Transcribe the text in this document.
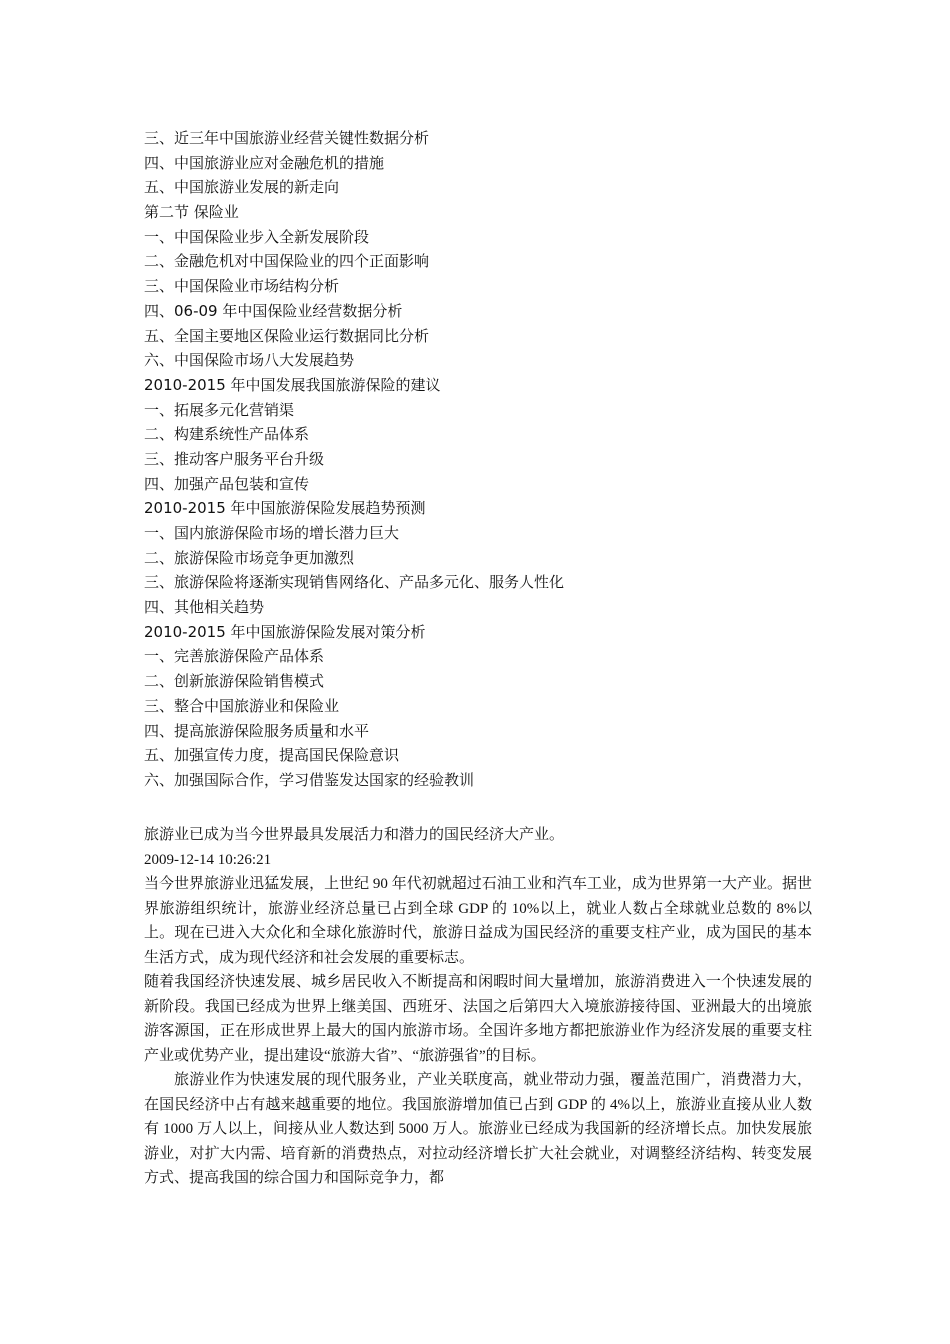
三、近三年中国旅游业经营关键性数据分析
四、中国旅游业应对金融危机的措施
五、中国旅游业发展的新走向
第二节 保险业
一、中国保险业步入全新发展阶段
二、金融危机对中国保险业的四个正面影响
三、中国保险业市场结构分析
四、06-09 年中国保险业经营数据分析
五、全国主要地区保险业运行数据同比分析
六、中国保险市场八大发展趋势
2010-2015 年中国发展我国旅游保险的建议
一、拓展多元化营销渠
二、构建系统性产品体系
三、推动客户服务平台升级
四、加强产品包装和宣传
2010-2015 年中国旅游保险发展趋势预测
一、国内旅游保险市场的增长潜力巨大
二、旅游保险市场竞争更加激烈
三、旅游保险将逐渐实现销售网络化、产品多元化、服务人性化
四、其他相关趋势
2010-2015 年中国旅游保险发展对策分析
一、完善旅游保险产品体系
二、创新旅游保险销售模式
三、整合中国旅游业和保险业
四、提高旅游保险服务质量和水平
五、加强宣传力度，提高国民保险意识
六、加强国际合作，学习借鉴发达国家的经验教训
旅游业已成为当今世界最具发展活力和潜力的国民经济大产业。
2009-12-14 10:26:21

当今世界旅游业迅猛发展，上世纪 90 年代初就超过石油工业和汽车工业，成为世界第一大产业。据世界旅游组织统计，旅游业经济总量已占到全球 GDP 的 10%以上，就业人数占全球就业总数的 8%以上。现在已进入大众化和全球化旅游时代，旅游日益成为国民经济的重要支柱产业，成为国民的基本生活方式，成为现代经济和社会发展的重要标志。

随着我国经济快速发展、城乡居民收入不断提高和闲暇时间大量增加，旅游消费进入一个快速发展的新阶段。我国已经成为世界上继美国、西班牙、法国之后第四大入境旅游接待国、亚洲最大的出境旅游客源国，正在形成世界上最大的国内旅游市场。全国许多地方都把旅游业作为经济发展的重要支柱产业或优势产业，提出建设“旅游大省”、“旅游强省”的目标。

旅游业作为快速发展的现代服务业，产业关联度高，就业带动力强，覆盖范围广，消费潜力大，在国民经济中占有越来越重要的地位。我国旅游增加值已占到 GDP 的 4%以上，旅游业直接从业人数有 1000 万人以上，间接从业人数达到 5000 万人。旅游业已经成为我国新的经济增长点。加快发展旅游业，对扩大内需、培育新的消费热点，对拉动经济增长扩大社会就业，对调整经济结构、转变发展方式、提高我国的综合国力和国际竞争力，都
